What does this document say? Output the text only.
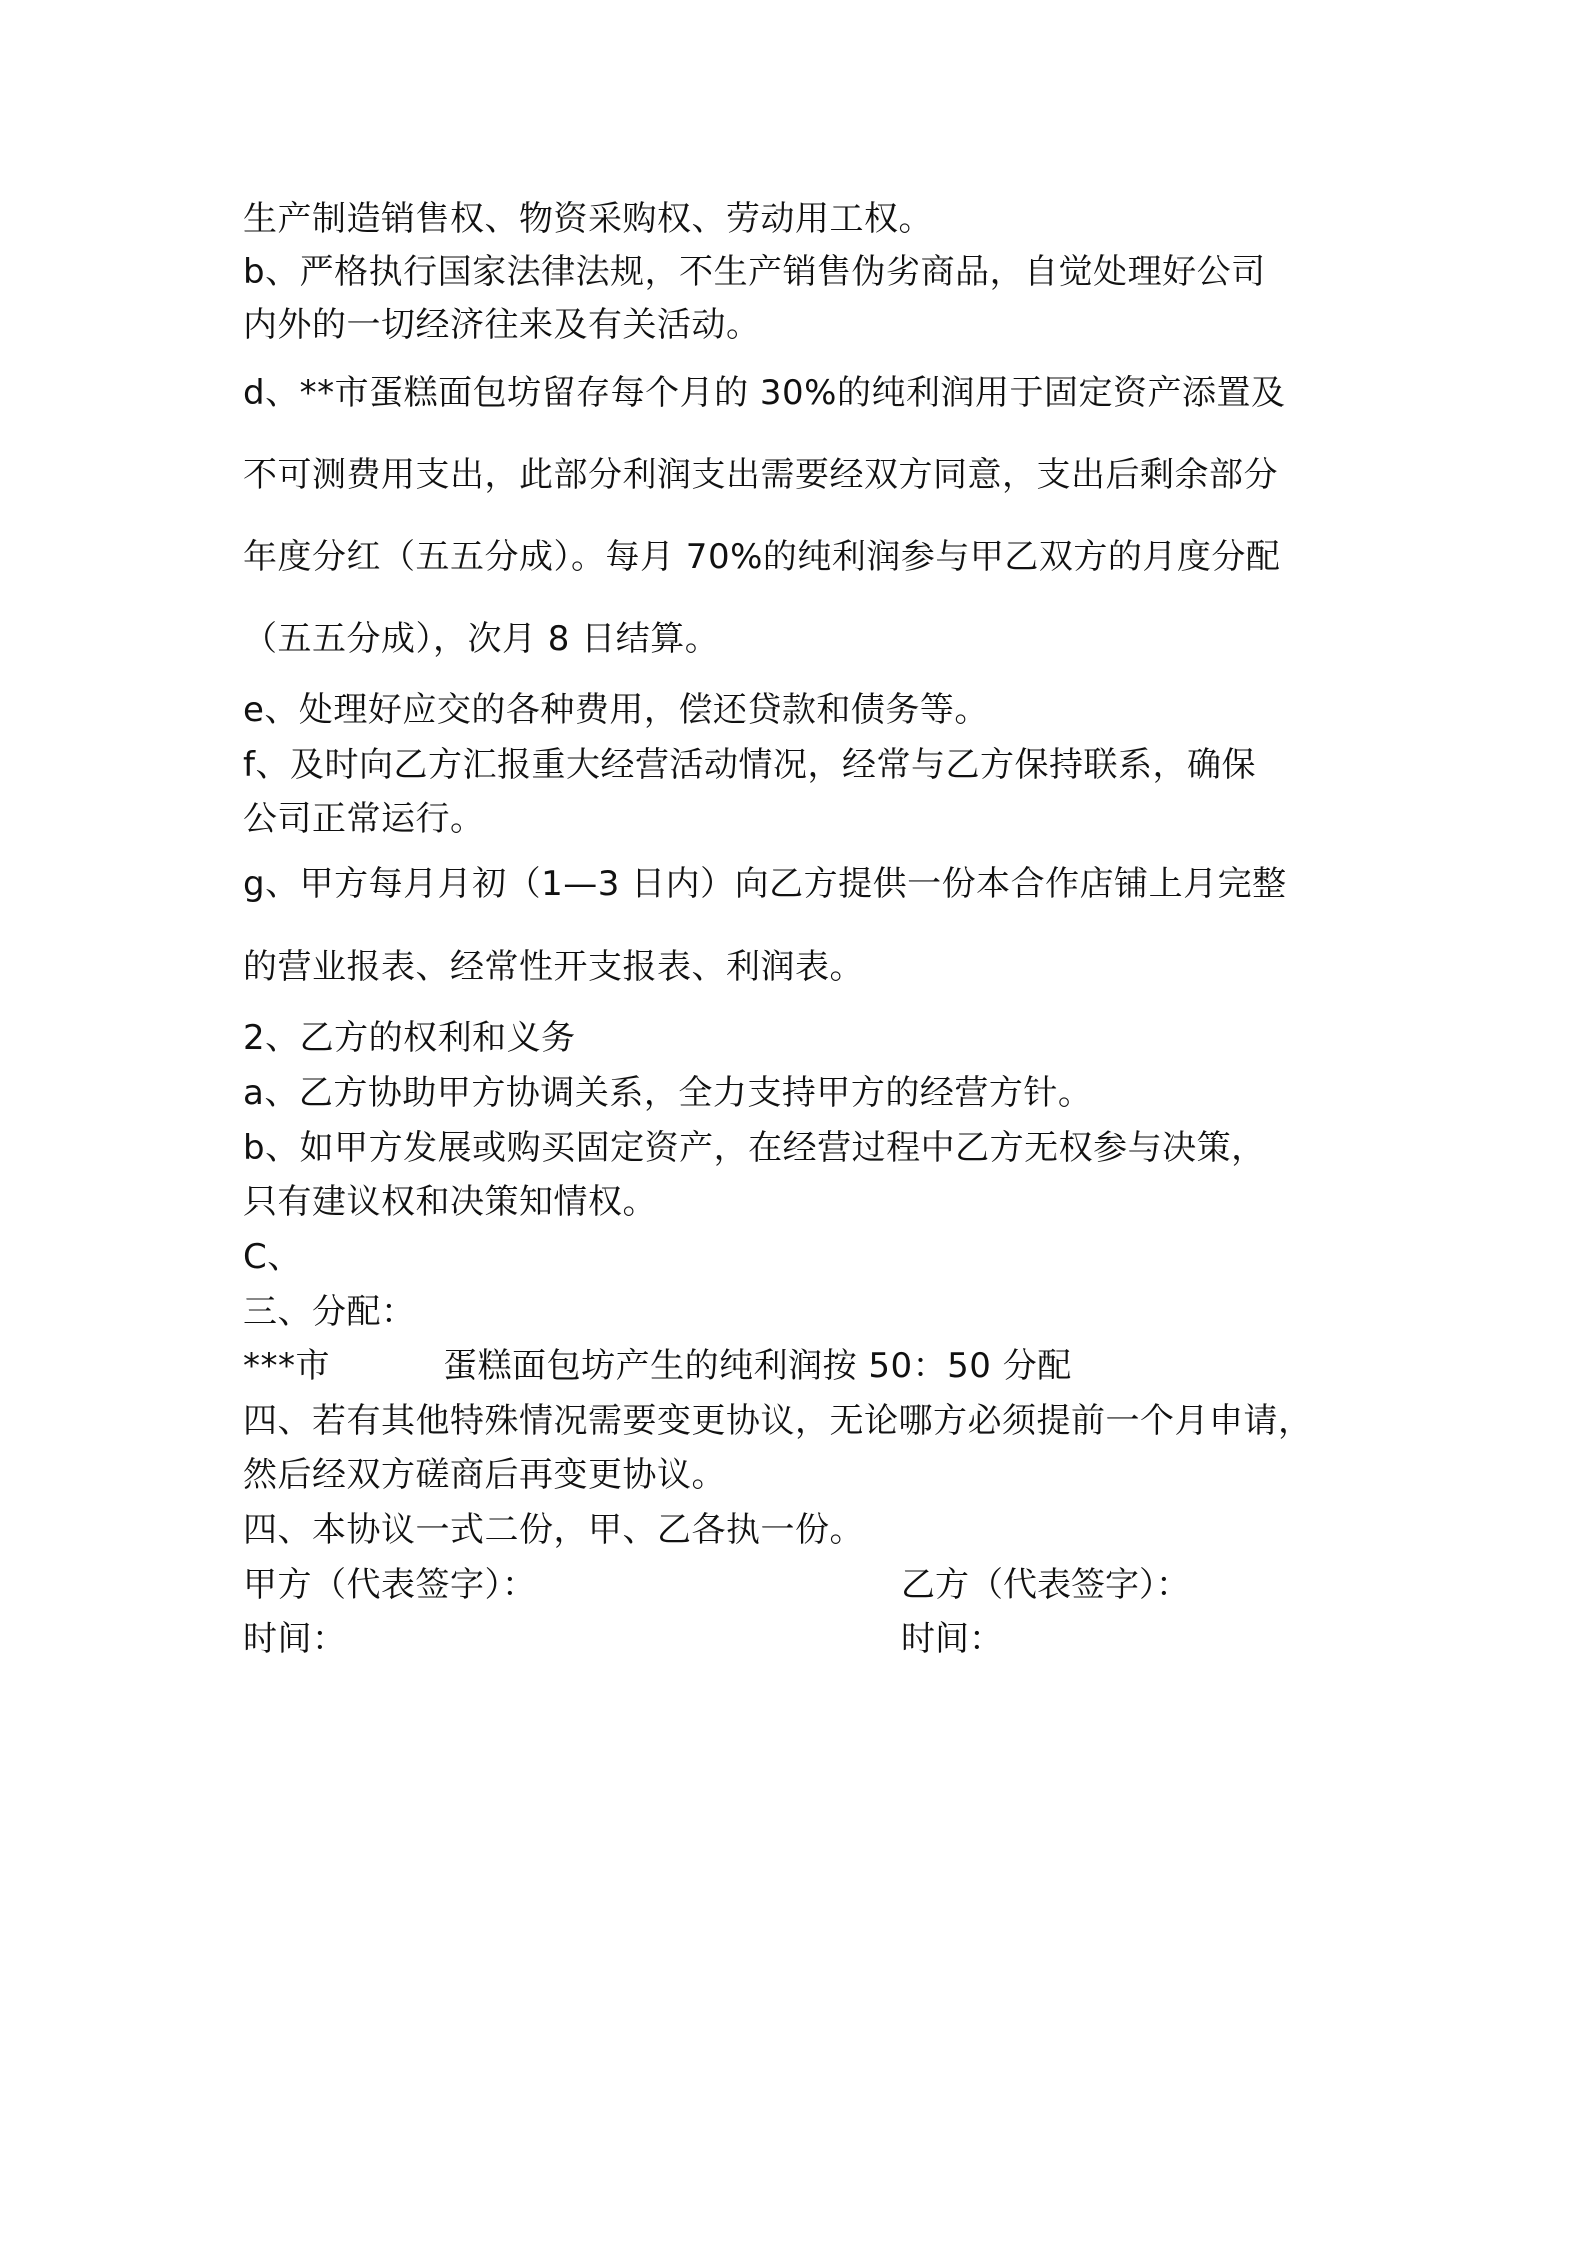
生产制造销售权、物资采购权、劳动用工权。
b、严格执行国家法律法规，不生产销售伪劣商品，自觉处理好公司
内外的一切经济往来及有关活动。
d、**市蛋糕面包坊留存每个月的 30%的纯利润用于固定资产添置及
不可测费用支出，此部分利润支出需要经双方同意，支出后剩余部分
年度分红（五五分成）。每月 70%的纯利润参与甲乙双方的月度分配
（五五分成），次月 8 日结算。
e、处理好应交的各种费用，偿还贷款和债务等。
f、及时向乙方汇报重大经营活动情况，经常与乙方保持联系，确保
公司正常运行。
g、甲方每月月初（1—3 日内）向乙方提供一份本合作店铺上月完整
的营业报表、经常性开支报表、利润表。
2、乙方的权利和义务
a、乙方协助甲方协调关系，全力支持甲方的经营方针。
b、如甲方发展或购买固定资产，在经营过程中乙方无权参与决策，
只有建议权和决策知情权。
C、
三、分配：
***市          蛋糕面包坊产生的纯利润按 50：50 分配
四、若有其他特殊情况需要变更协议，无论哪方必须提前一个月申请，
然后经双方磋商后再变更协议。
四、本协议一式二份，甲、乙各执一份。
甲方（代表签字）：	乙方（代表签字）：
时间：	时间：
